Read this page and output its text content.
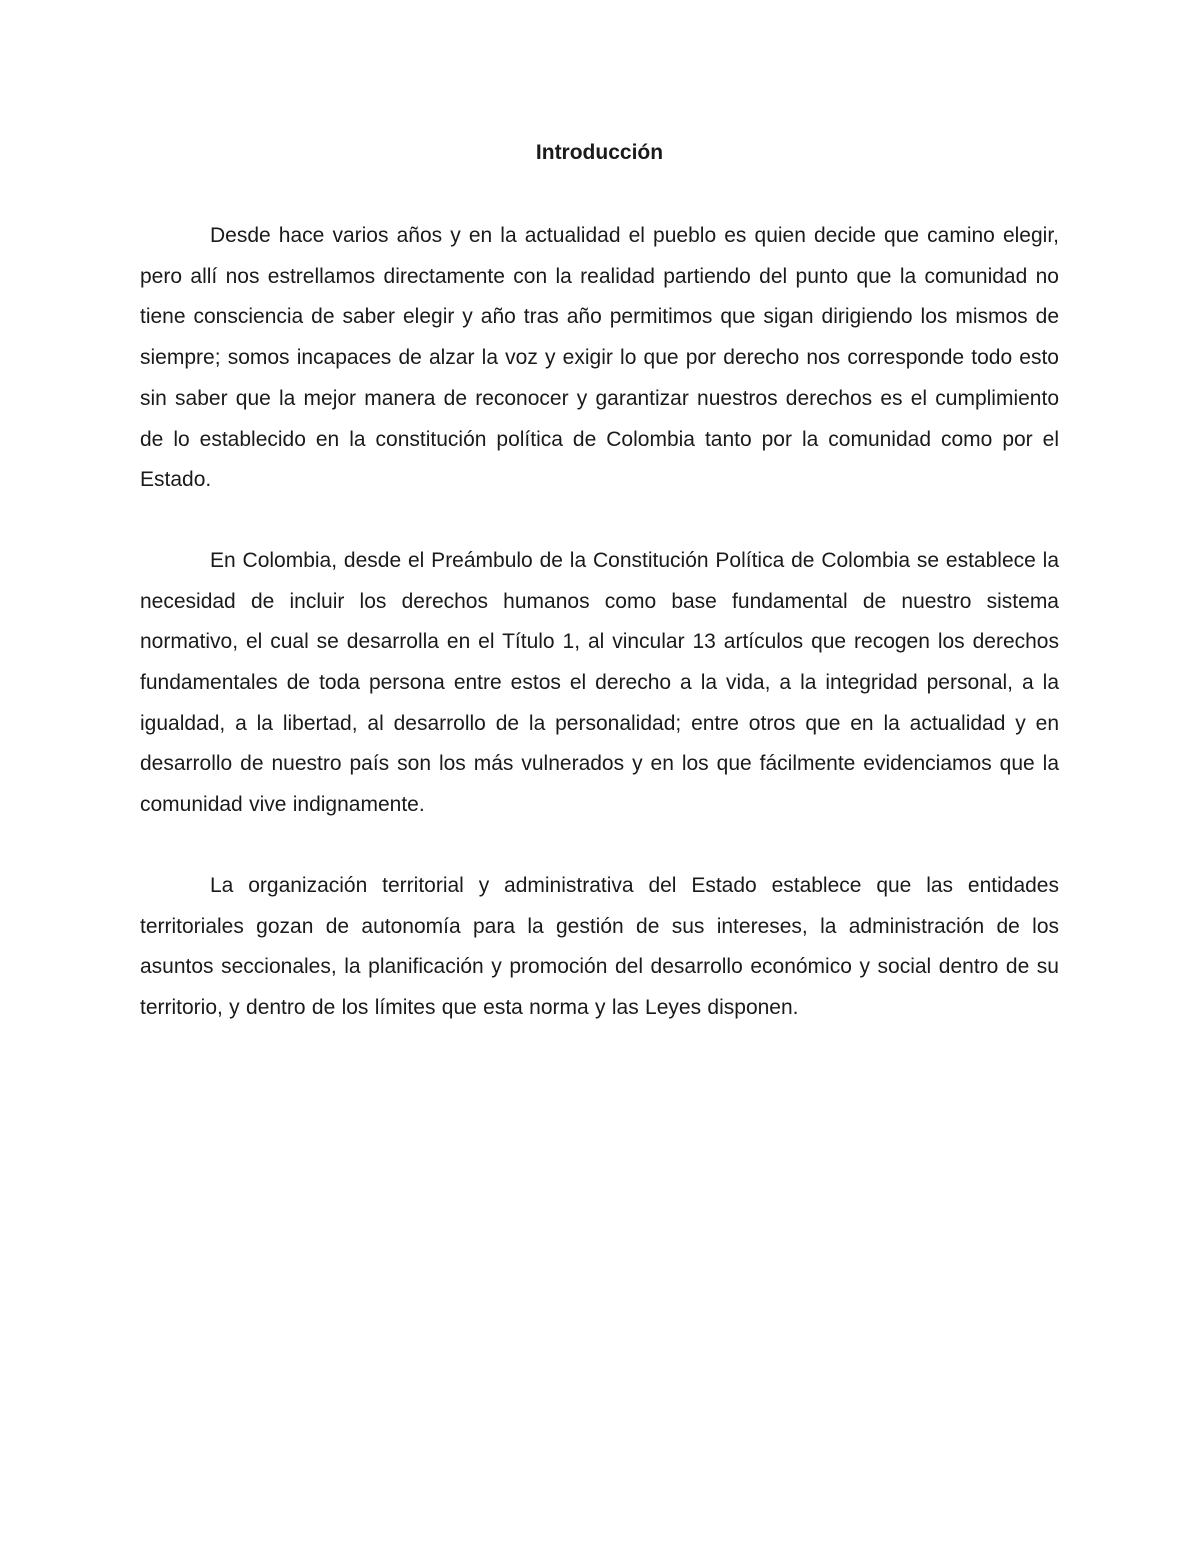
Introducción

Desde hace varios años y en la actualidad el pueblo es quien decide que camino elegir, pero allí nos estrellamos directamente con la realidad partiendo del punto que la comunidad no tiene consciencia de saber elegir y año tras año permitimos que sigan dirigiendo los mismos de siempre; somos incapaces de alzar la voz y exigir lo que por derecho nos corresponde todo esto sin saber que la mejor manera de reconocer y garantizar nuestros derechos es el cumplimiento de lo establecido en la constitución política de Colombia tanto por la comunidad como por el Estado.

En Colombia, desde el Preámbulo de la Constitución Política de Colombia se establece la necesidad de incluir los derechos humanos como base fundamental de nuestro sistema normativo, el cual se desarrolla en el Título 1, al vincular 13 artículos que recogen los derechos fundamentales de toda persona entre estos el derecho a la vida, a la integridad personal, a la igualdad, a la libertad, al desarrollo de la personalidad; entre otros que en la actualidad y en desarrollo de nuestro país son los más vulnerados y en los que fácilmente evidenciamos que la comunidad vive indignamente.

La organización territorial y administrativa del Estado establece que las entidades territoriales gozan de autonomía para la gestión de sus intereses, la administración de los asuntos seccionales, la planificación y promoción del desarrollo económico y social dentro de su territorio, y dentro de los límites que esta norma y las Leyes disponen.
